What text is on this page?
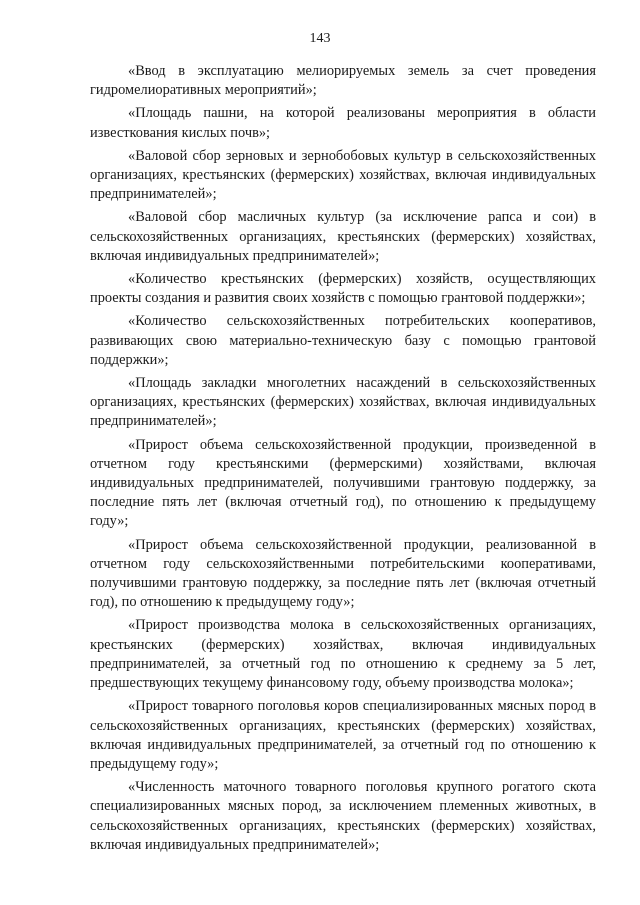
143

«Ввод в эксплуатацию мелиорируемых земель за счет проведения гидромелиоративных мероприятий»;

«Площадь пашни, на которой реализованы мероприятия в области известкования кислых почв»;

«Валовой сбор зерновых и зернобобовых культур в сельскохозяйственных организациях, крестьянских (фермерских) хозяйствах, включая индивидуальных предпринимателей»;

«Валовой сбор масличных культур (за исключение рапса и сои) в сельскохозяйственных организациях, крестьянских (фермерских) хозяйствах, включая индивидуальных предпринимателей»;

«Количество крестьянских (фермерских) хозяйств, осуществляющих проекты создания и развития своих хозяйств с помощью грантовой поддержки»;

«Количество сельскохозяйственных потребительских кооперативов, развивающих свою материально-техническую базу с помощью грантовой поддержки»;

«Площадь закладки многолетних насаждений в сельскохозяйственных организациях, крестьянских (фермерских) хозяйствах, включая индивидуальных предпринимателей»;

«Прирост объема сельскохозяйственной продукции, произведенной в отчетном году крестьянскими (фермерскими) хозяйствами, включая индивидуальных предпринимателей, получившими грантовую поддержку, за последние пять лет (включая отчетный год), по отношению к предыдущему году»;

«Прирост объема сельскохозяйственной продукции, реализованной в отчетном году сельскохозяйственными потребительскими кооперативами, получившими грантовую поддержку, за последние пять лет (включая отчетный год), по отношению к предыдущему году»;

«Прирост производства молока в сельскохозяйственных организациях, крестьянских (фермерских) хозяйствах, включая индивидуальных предпринимателей, за отчетный год по отношению к среднему за 5 лет, предшествующих текущему финансовому году, объему производства молока»;

«Прирост товарного поголовья коров специализированных мясных пород в сельскохозяйственных организациях, крестьянских (фермерских) хозяйствах, включая индивидуальных предпринимателей, за отчетный год по отношению к предыдущему году»;

«Численность маточного товарного поголовья крупного рогатого скота специализированных мясных пород, за исключением племенных животных, в сельскохозяйственных организациях, крестьянских (фермерских) хозяйствах, включая индивидуальных предпринимателей»;
